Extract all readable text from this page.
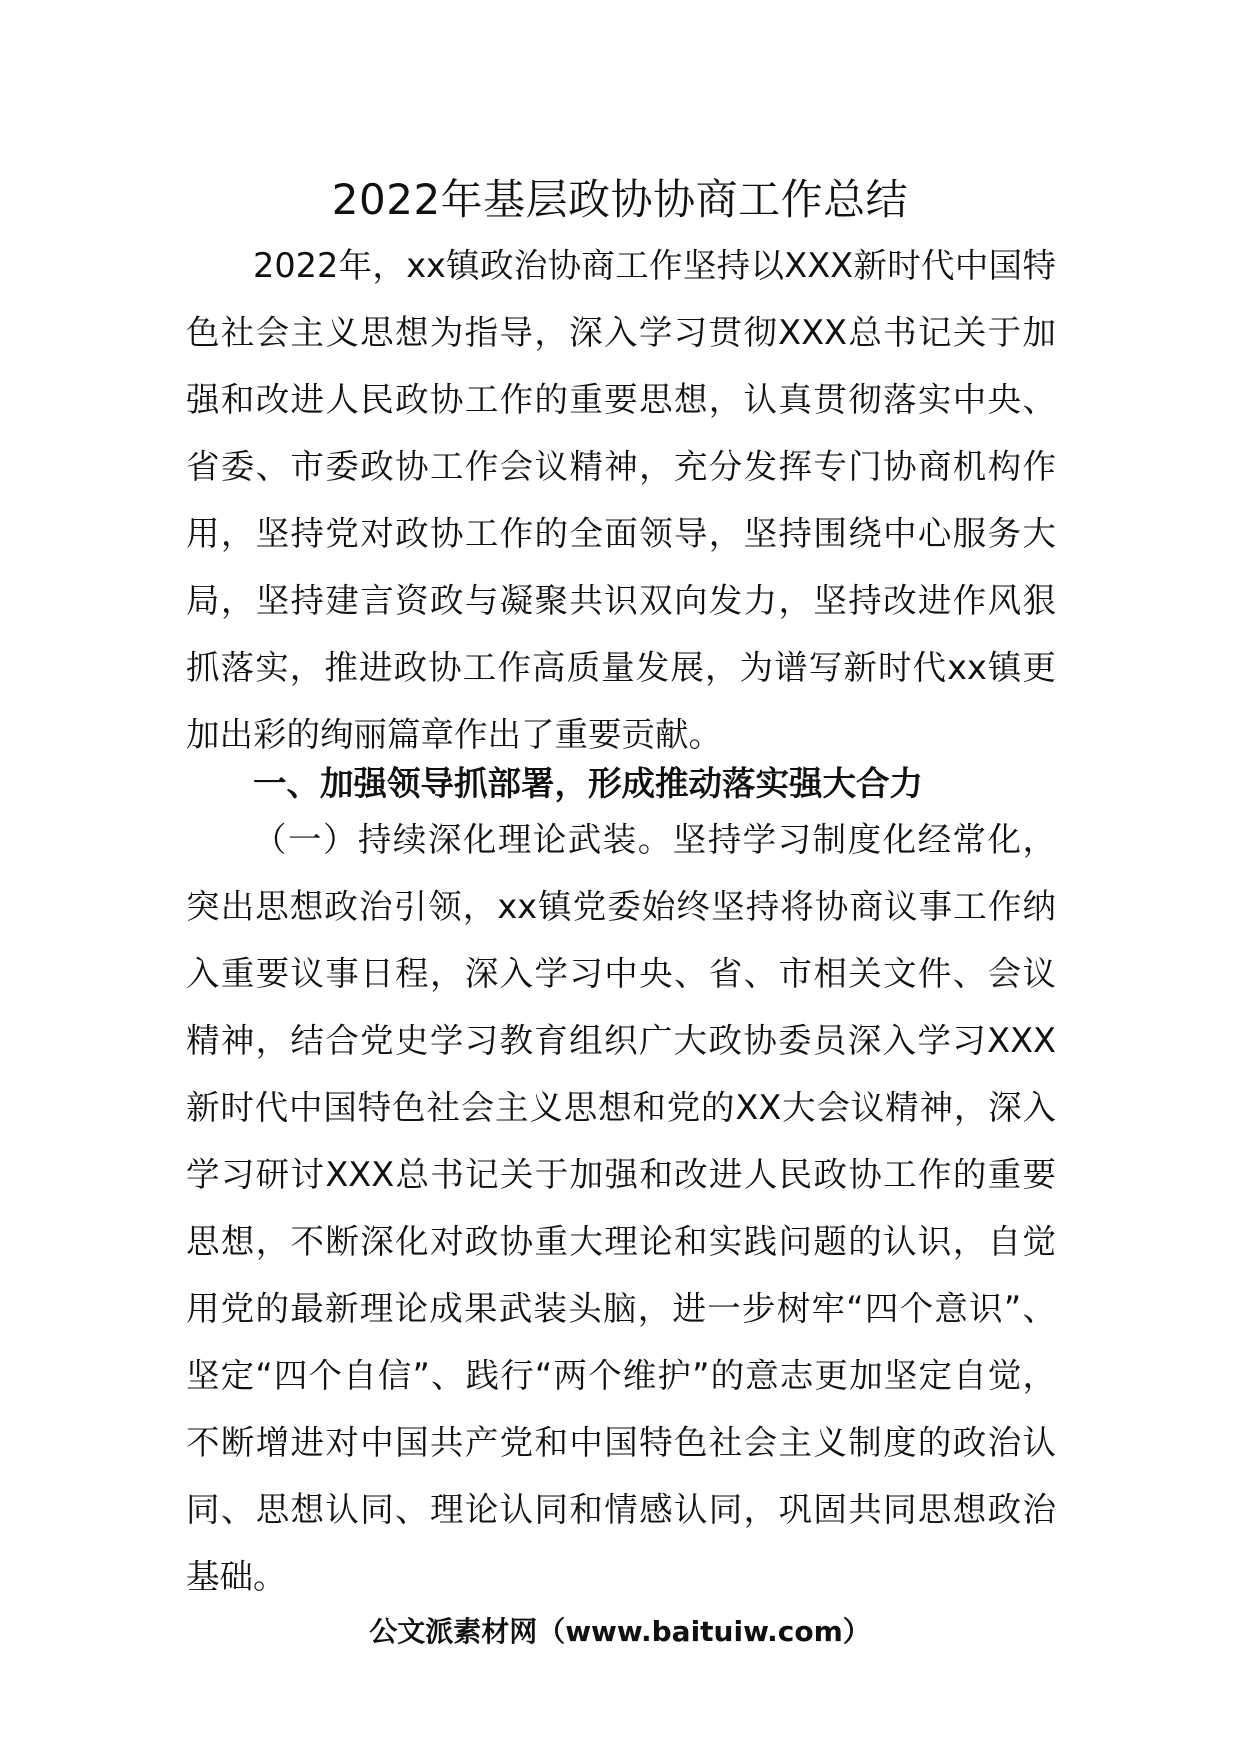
2022年基层政协协商工作总结
2022年，xx镇政治协商工作坚持以XXX新时代中国特色社会主义思想为指导，深入学习贯彻XXX总书记关于加强和改进人民政协工作的重要思想，认真贯彻落实中央、省委、市委政协工作会议精神，充分发挥专门协商机构作用，坚持党对政协工作的全面领导，坚持围绕中心服务大局，坚持建言资政与凝聚共识双向发力，坚持改进作风狠抓落实，推进政协工作高质量发展，为谱写新时代xx镇更加出彩的绚丽篇章作出了重要贡献。
一、加强领导抓部署，形成推动落实强大合力
（一）持续深化理论武装。坚持学习制度化经常化，突出思想政治引领，xx镇党委始终坚持将协商议事工作纳入重要议事日程，深入学习中央、省、市相关文件、会议精神，结合党史学习教育组织广大政协委员深入学习XXX新时代中国特色社会主义思想和党的XX大会议精神，深入学习研讨XXX总书记关于加强和改进人民政协工作的重要思想，不断深化对政协重大理论和实践问题的认识，自觉用党的最新理论成果武装头脑，进一步树牢“四个意识”、坚定“四个自信”、践行“两个维护”的意志更加坚定自觉，不断增进对中国共产党和中国特色社会主义制度的政治认同、思想认同、理论认同和情感认同，巩固共同思想政治基础。
公文派素材网（www.baituiw.com）
